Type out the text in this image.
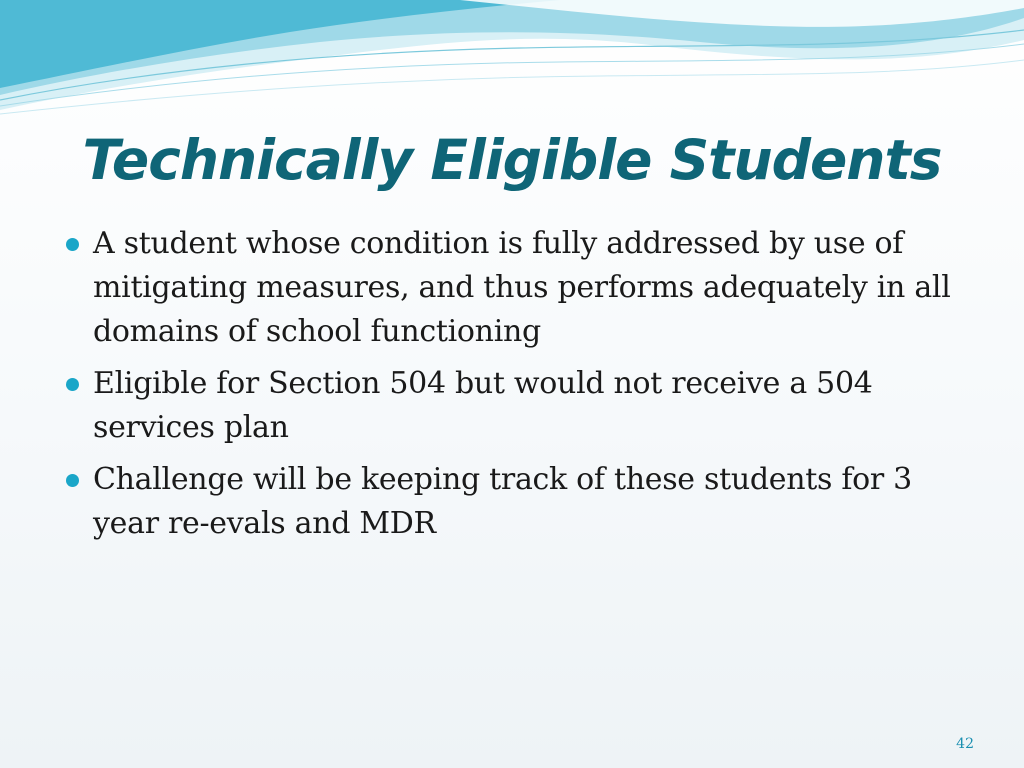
Technically Eligible Students
A student whose condition is fully addressed by use of mitigating measures, and thus performs adequately in all domains of school functioning
Eligible for Section 504 but would not receive a 504 services plan
Challenge will be keeping track of these students for 3 year re-evals and MDR
42
